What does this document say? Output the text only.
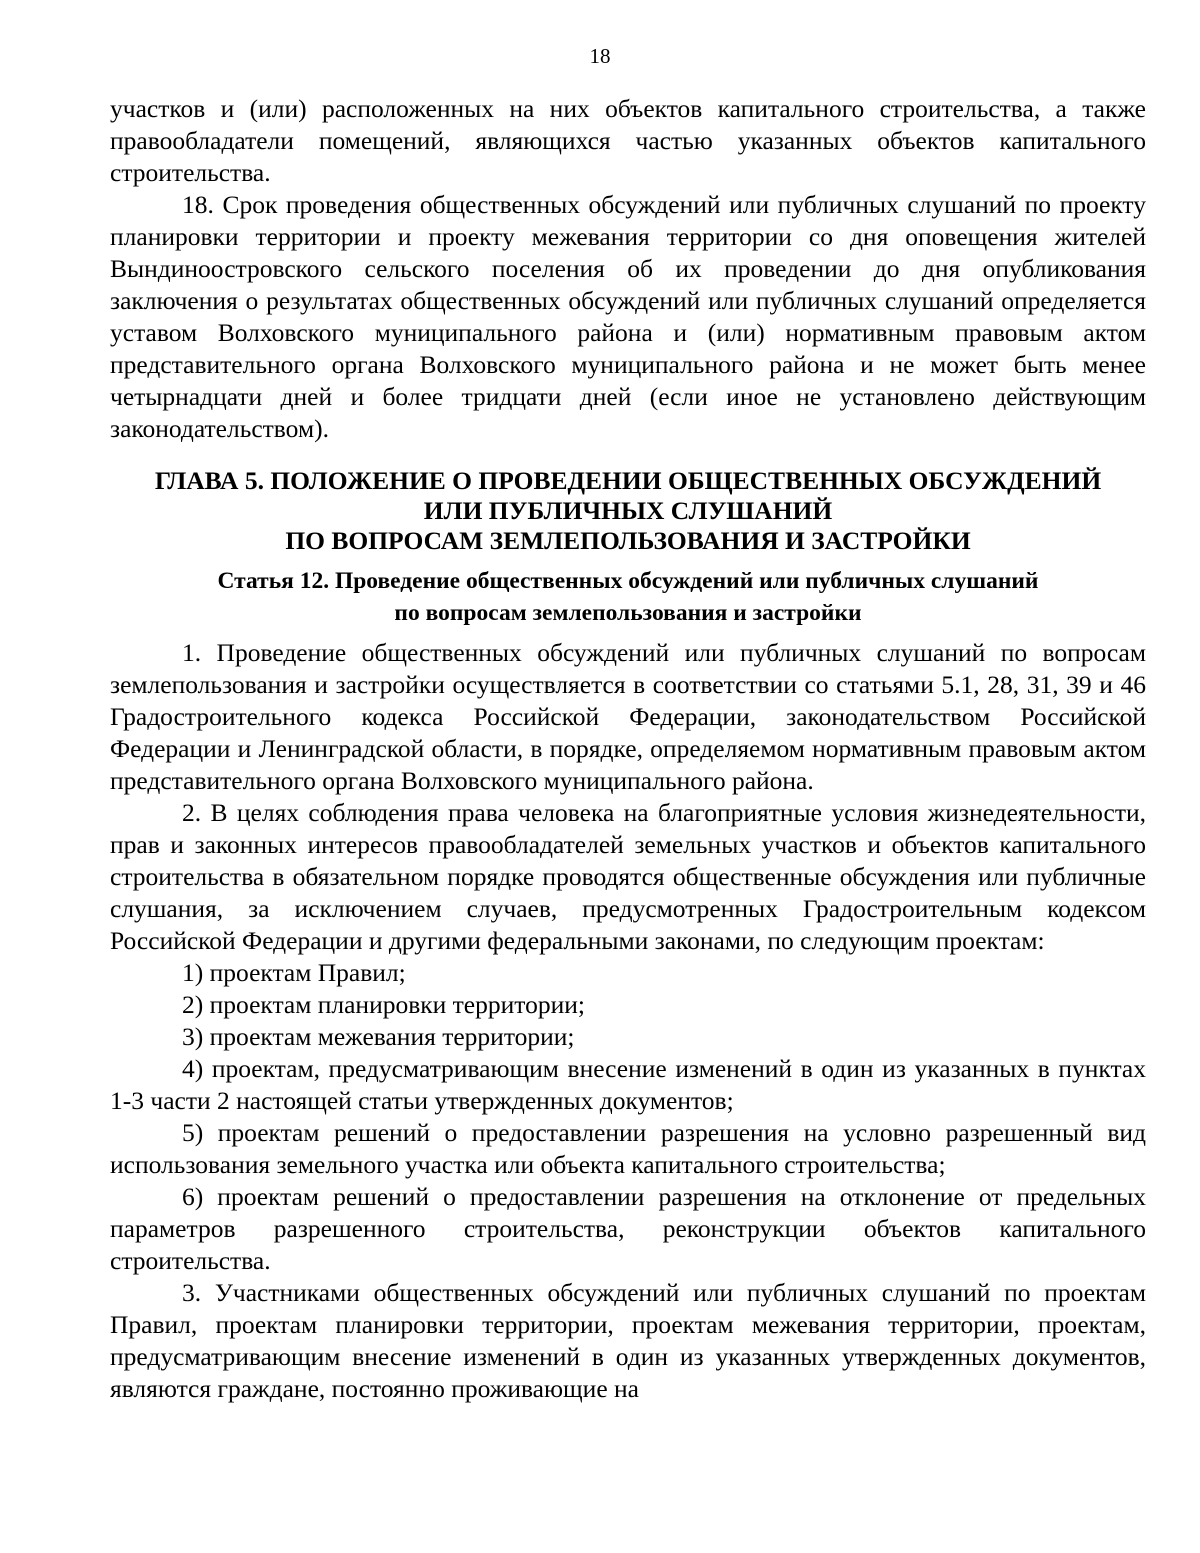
18

участков и (или) расположенных на них объектов капитального строительства, а также правообладатели помещений, являющихся частью указанных объектов капитального строительства.

18. Срок проведения общественных обсуждений или публичных слушаний по проекту планировки территории и проекту межевания территории со дня оповещения жителей Вындиноостровского сельского поселения об их проведении до дня опубликования заключения о результатах общественных обсуждений или публичных слушаний определяется уставом Волховского муниципального района и (или) нормативным правовым актом представительного органа Волховского муниципального района и не может быть менее четырнадцати дней и более тридцати дней (если иное не установлено действующим законодательством).

ГЛАВА 5. ПОЛОЖЕНИЕ О ПРОВЕДЕНИИ ОБЩЕСТВЕННЫХ ОБСУЖДЕНИЙ
ИЛИ ПУБЛИЧНЫХ СЛУШАНИЙ
ПО ВОПРОСАМ ЗЕМЛЕПОЛЬЗОВАНИЯ И ЗАСТРОЙКИ
Статья 12. Проведение общественных обсуждений или публичных слушаний
по вопросам землепользования и застройки

1. Проведение общественных обсуждений или публичных слушаний по вопросам землепользования и застройки осуществляется в соответствии со статьями 5.1, 28, 31, 39 и 46 Градостроительного кодекса Российской Федерации, законодательством Российской Федерации и Ленинградской области, в порядке, определяемом нормативным правовым актом представительного органа Волховского муниципального района.

2. В целях соблюдения права человека на благоприятные условия жизнедеятельности, прав и законных интересов правообладателей земельных участков и объектов капитального строительства в обязательном порядке проводятся общественные обсуждения или публичные слушания, за исключением случаев, предусмотренных Градостроительным кодексом Российской Федерации и другими федеральными законами, по следующим проектам:

1) проектам Правил;

2) проектам планировки территории;

3) проектам межевания территории;

4) проектам, предусматривающим внесение изменений в один из указанных в пунктах 1-3 части 2 настоящей статьи утвержденных документов;

5) проектам решений о предоставлении разрешения на условно разрешенный вид использования земельного участка или объекта капитального строительства;

6) проектам решений о предоставлении разрешения на отклонение от предельных параметров разрешенного строительства, реконструкции объектов капитального строительства.

3. Участниками общественных обсуждений или публичных слушаний по проектам Правил, проектам планировки территории, проектам межевания территории, проектам, предусматривающим внесение изменений в один из указанных утвержденных документов, являются граждане, постоянно проживающие на
